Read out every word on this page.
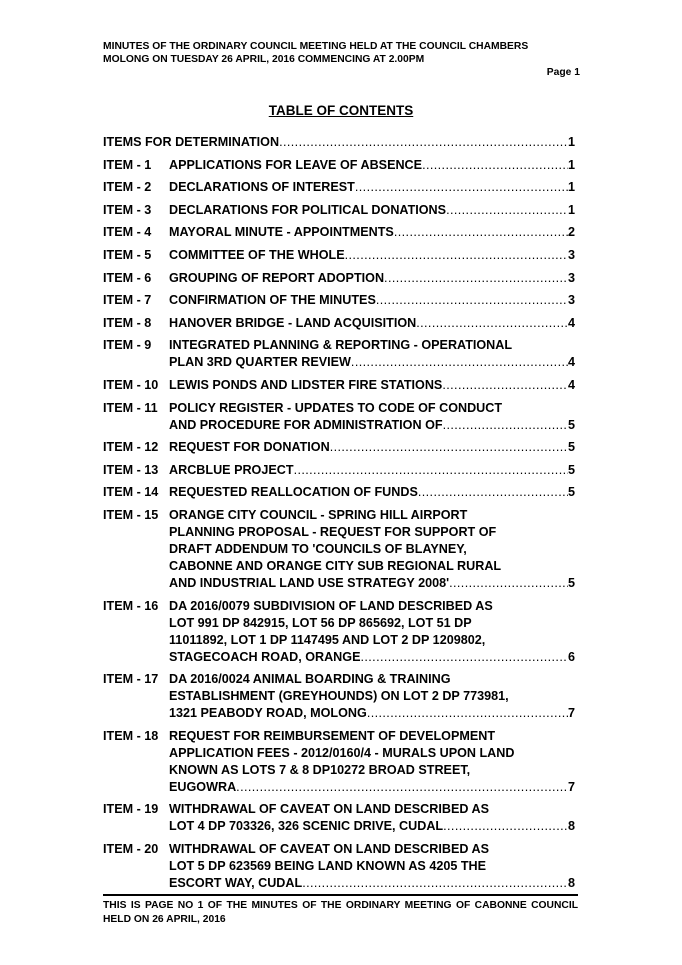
MINUTES OF THE ORDINARY COUNCIL MEETING HELD AT THE COUNCIL CHAMBERS
MOLONG ON TUESDAY 26 APRIL, 2016 COMMENCING AT 2.00PM
Page 1
TABLE OF CONTENTS
ITEMS FOR DETERMINATION .....	1
ITEM - 1	APPLICATIONS FOR LEAVE OF ABSENCE .....	1
ITEM - 2	DECLARATIONS OF INTEREST .....	1
ITEM - 3	DECLARATIONS FOR POLITICAL DONATIONS .....	1
ITEM - 4	MAYORAL MINUTE - APPOINTMENTS .....	2
ITEM - 5	COMMITTEE OF THE WHOLE .....	3
ITEM - 6	GROUPING OF REPORT ADOPTION .....	3
ITEM - 7	CONFIRMATION OF THE MINUTES .....	3
ITEM - 8	HANOVER BRIDGE - LAND ACQUISITION .....	4
ITEM - 9	INTEGRATED PLANNING & REPORTING - OPERATIONAL
PLAN 3RD QUARTER REVIEW .....	4
ITEM - 10 LEWIS PONDS AND LIDSTER FIRE STATIONS .....	4
ITEM - 11 POLICY REGISTER - UPDATES TO CODE OF CONDUCT
AND PROCEDURE FOR ADMINISTRATION OF .....	5
ITEM - 12 REQUEST FOR DONATION .....	5
ITEM - 13 ARCBLUE PROJECT .....	5
ITEM - 14 REQUESTED REALLOCATION OF FUNDS .....	5
ITEM - 15 ORANGE CITY COUNCIL - SPRING HILL AIRPORT
PLANNING PROPOSAL - REQUEST FOR SUPPORT OF
DRAFT ADDENDUM TO 'COUNCILS OF BLAYNEY,
CABONNE AND ORANGE CITY SUB REGIONAL RURAL
AND INDUSTRIAL LAND USE STRATEGY 2008' .....	5
ITEM - 16 DA 2016/0079 SUBDIVISION OF LAND DESCRIBED AS
LOT 991 DP 842915, LOT 56 DP 865692, LOT 51 DP
11011892, LOT 1 DP 1147495 AND LOT 2 DP 1209802,
STAGECOACH ROAD, ORANGE .....	6
ITEM - 17 DA 2016/0024 ANIMAL BOARDING & TRAINING
ESTABLISHMENT (GREYHOUNDS) ON LOT 2 DP 773981,
1321 PEABODY ROAD, MOLONG .....	7
ITEM - 18 REQUEST FOR REIMBURSEMENT OF DEVELOPMENT
APPLICATION FEES - 2012/0160/4 - MURALS UPON LAND
KNOWN AS LOTS 7 & 8 DP10272 BROAD STREET,
EUGOWRA .....	7
ITEM - 19 WITHDRAWAL OF CAVEAT ON LAND DESCRIBED AS
LOT 4 DP 703326, 326 SCENIC DRIVE, CUDAL .....	8
ITEM - 20 WITHDRAWAL OF CAVEAT ON LAND DESCRIBED AS
LOT 5 DP 623569 BEING LAND KNOWN AS 4205 THE
ESCORT WAY, CUDAL .....	8
THIS IS PAGE NO 1 OF THE MINUTES OF THE ORDINARY MEETING OF CABONNE COUNCIL HELD ON 26 APRIL, 2016
